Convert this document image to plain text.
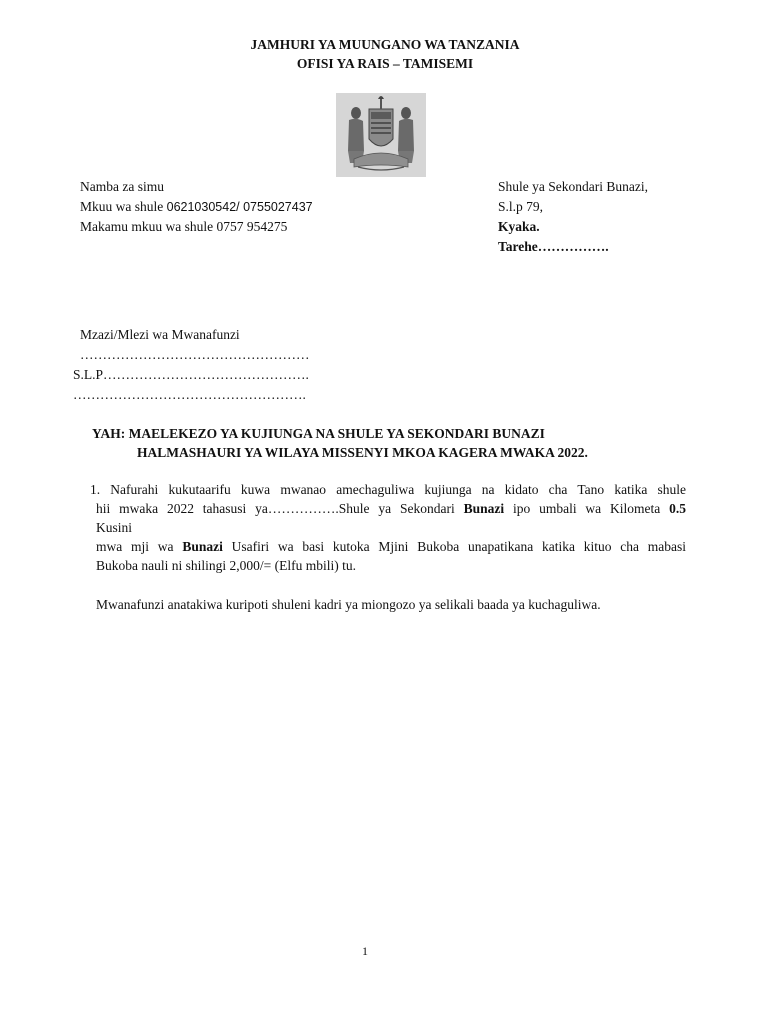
JAMHURI YA MUUNGANO WA TANZANIA
OFISI YA RAIS – TAMISEMI
Namba za simu
Mkuu wa shule 0621030542/ 0755027437
Makamu mkuu wa shule 0757 954275
Shule ya Sekondari Bunazi,
S.l.p 79,
Kyaka.
Tarehe…………….
Mzazi/Mlezi wa Mwanafunzi
……………………………………………
S.L.P……………………………………….
…………………………………………….
YAH: MAELEKEZO YA KUJIUNGA NA SHULE YA SEKONDARI BUNAZI
HALMASHAURI YA WILAYA MISSENYI MKOA KAGERA MWAKA 2022.
1. Nafurahi kukutaarifu kuwa mwanao amechaguliwa kujiunga na kidato cha Tano katika shule
hii mwaka 2022 tahasusi ya…………….Shule ya Sekondari Bunazi ipo umbali wa Kilometa 0.5
Kusini
mwa mji wa Bunazi Usafiri wa basi kutoka Mjini Bukoba unapatikana katika kituo cha mabasi
Bukoba nauli ni shilingi 2,000/= (Elfu mbili) tu.
Mwanafunzi anatakiwa kuripoti shuleni kadri ya miongozo ya selikali baada ya kuchaguliwa.
1
